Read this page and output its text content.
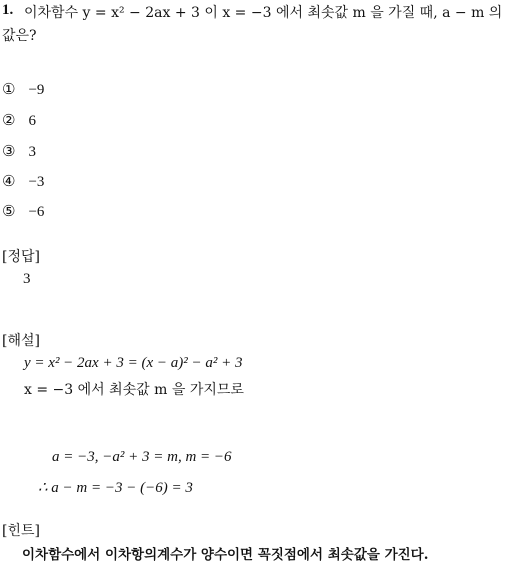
1. 이차함수 y = x² − 2ax + 3 이 x = −3 에서 최솟값 m 을 가질 때, a − m 의
값은?
① −9
② 6
③ 3
④ −3
⑤ −6
[정답]
3
[해설]
y = x² − 2ax + 3 = (x − a)² − a² + 3
x = −3 에서 최솟값 m 을 가지므로
a = −3, −a² + 3 = m, m = −6
∴ a − m = −3 − (−6) = 3
[힌트]
이차함수에서 이차항의계수가 양수이면 꼭짓점에서 최솟값을 가진다.
